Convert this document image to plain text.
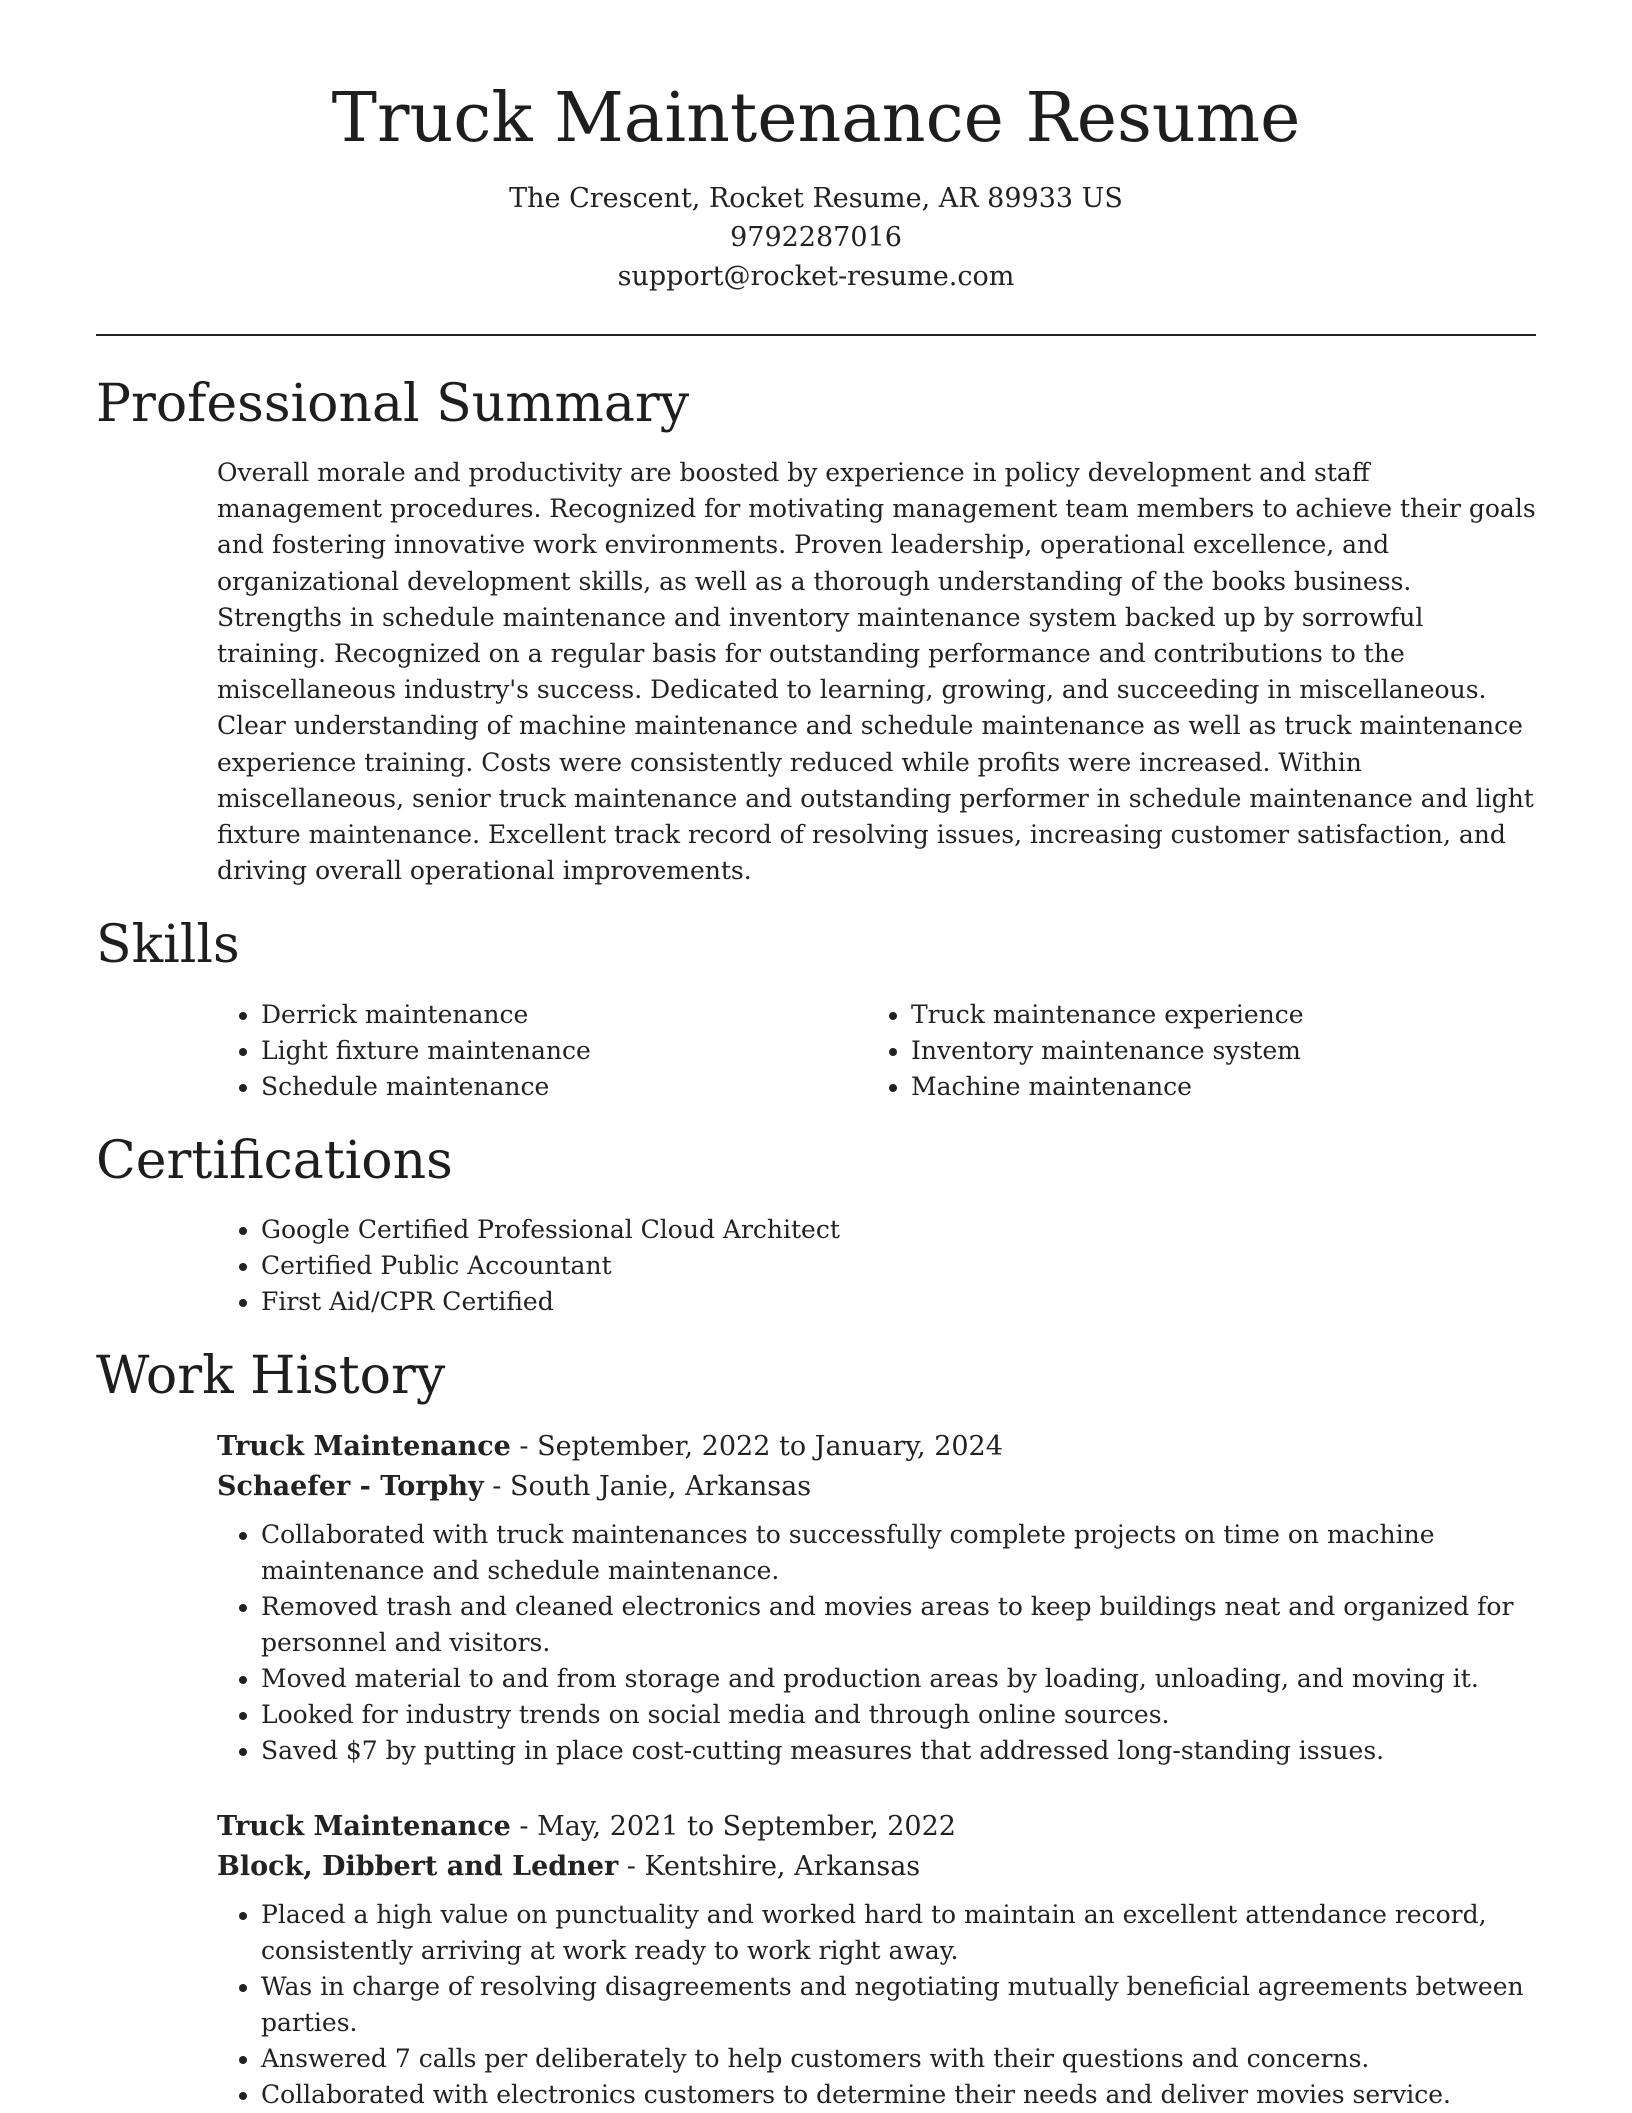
Truck Maintenance Resume
The Crescent, Rocket Resume, AR 89933 US
9792287016
support@rocket-resume.com
Professional Summary

Overall morale and productivity are boosted by experience in policy development and staff management procedures. Recognized for motivating management team members to achieve their goals and fostering innovative work environments. Proven leadership, operational excellence, and organizational development skills, as well as a thorough understanding of the books business. Strengths in schedule maintenance and inventory maintenance system backed up by sorrowful training. Recognized on a regular basis for outstanding performance and contributions to the miscellaneous industry's success. Dedicated to learning, growing, and succeeding in miscellaneous. Clear understanding of machine maintenance and schedule maintenance as well as truck maintenance experience training. Costs were consistently reduced while profits were increased. Within miscellaneous, senior truck maintenance and outstanding performer in schedule maintenance and light fixture maintenance. Excellent track record of resolving issues, increasing customer satisfaction, and driving overall operational improvements.

Skills
• Derrick maintenance
• Light fixture maintenance
• Schedule maintenance
• Truck maintenance experience
• Inventory maintenance system
• Machine maintenance
Certifications
• Google Certified Professional Cloud Architect
• Certified Public Accountant
• First Aid/CPR Certified
Work History
Truck Maintenance - September, 2022 to January, 2024
Schaefer - Torphy - South Janie, Arkansas
• Collaborated with truck maintenances to successfully complete projects on time on machine maintenance and schedule maintenance.
• Removed trash and cleaned electronics and movies areas to keep buildings neat and organized for personnel and visitors.
• Moved material to and from storage and production areas by loading, unloading, and moving it.
• Looked for industry trends on social media and through online sources.
• Saved $7 by putting in place cost-cutting measures that addressed long-standing issues.
Truck Maintenance - May, 2021 to September, 2022
Block, Dibbert and Ledner - Kentshire, Arkansas
• Placed a high value on punctuality and worked hard to maintain an excellent attendance record, consistently arriving at work ready to work right away.
• Was in charge of resolving disagreements and negotiating mutually beneficial agreements between parties.
• Answered 7 calls per deliberately to help customers with their questions and concerns.
• Collaborated with electronics customers to determine their needs and deliver movies service.
